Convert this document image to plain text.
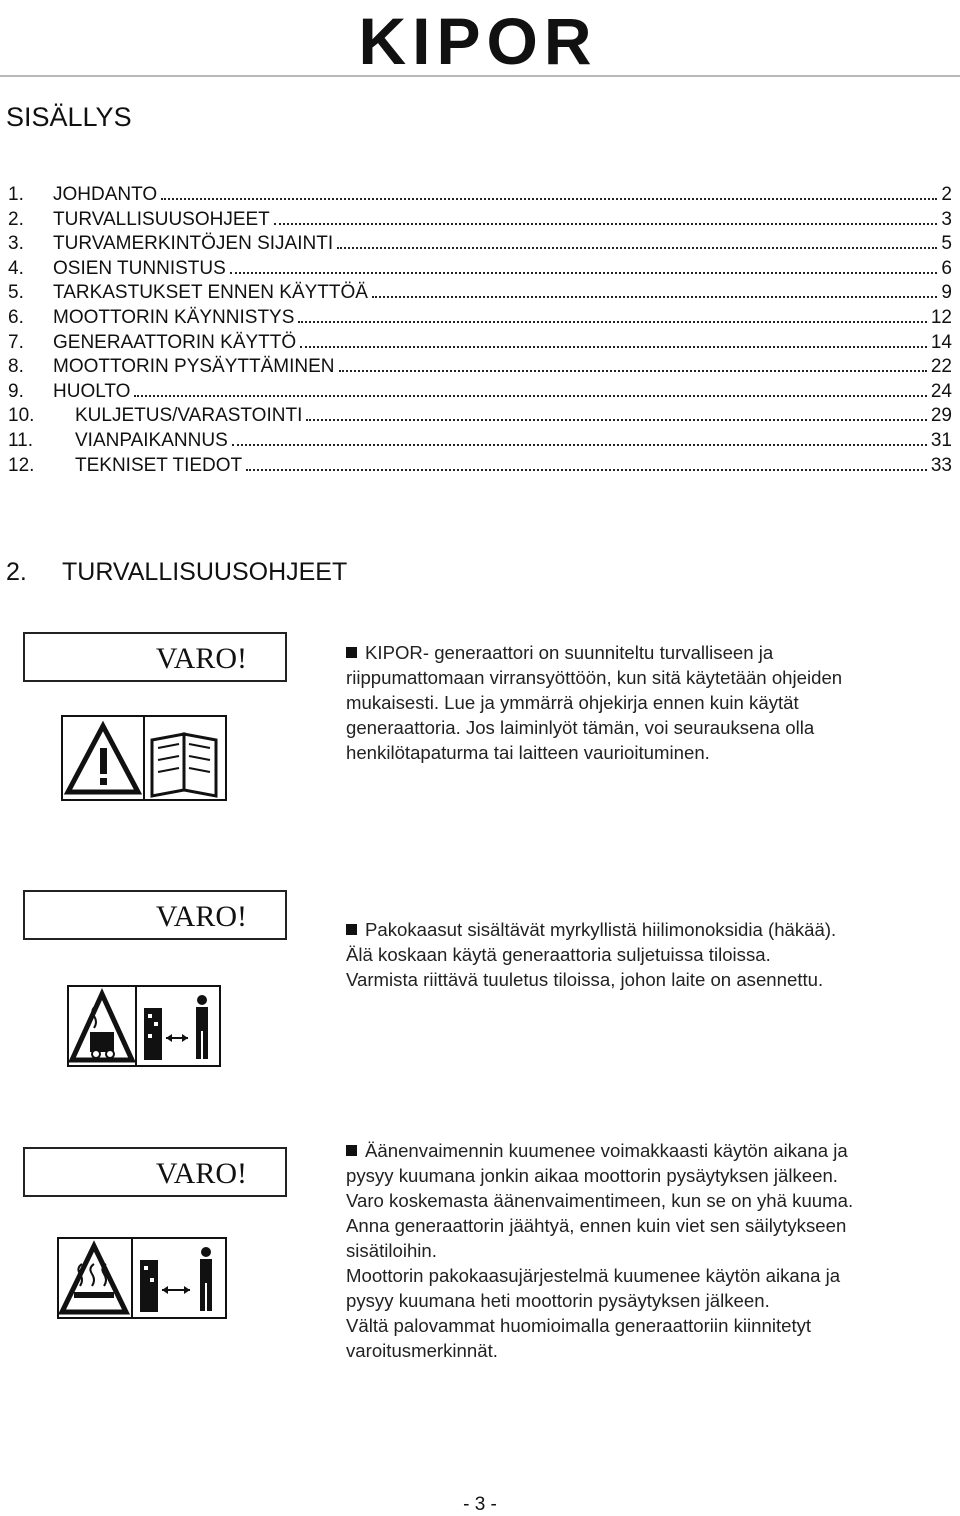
KIPOR
SISÄLLYS
1.	JOHDANTO	2
2.	TURVALLISUUSOHJEET	3
3.	TURVAMERKINTÖJEN SIJAINTI	5
4.	OSIEN TUNNISTUS	6
5.	TARKASTUKSET ENNEN KÄYTTÖÄ	9
6.	MOOTTORIN KÄYNNISTYS	12
7.	GENERAATTORIN KÄYTTÖ	14
8.	MOOTTORIN PYSÄYTTÄMINEN	22
9.	HUOLTO	24
10.	KULJETUS/VARASTOINTI	29
11.	VIANPAIKANNUS	31
12.	TEKNISET TIEDOT	33
2. TURVALLISUUSOHJEET
VARO!	KIPOR- generaattori on suunniteltu turvalliseen ja

riippumattomaan virransyöttöön, kun sitä käytetään ohjeiden

mukaisesti. Lue ja ymmärrä ohjekirja ennen kuin käytät

generaattoria. Jos laiminlyöt tämän, voi seurauksena olla

henkilötapaturma tai laitteen vaurioituminen.

VARO!	Pakokaasut sisältävät myrkyllistä hiilimonoksidia (häkää).

Älä koskaan käytä generaattoria suljetuissa tiloissa.

Varmista riittävä tuuletus tiloissa, johon laite on asennettu.

VARO!

Äänenvaimennin kuumenee voimakkaasti käytön aikana ja

pysyy kuumana jonkin aikaa moottorin pysäytyksen jälkeen.

Varo koskemasta äänenvaimentimeen, kun se on yhä kuuma.

Anna generaattorin jäähtyä, ennen kuin viet sen säilytykseen

sisätiloihin.

Moottorin pakokaasujärjestelmä kuumenee käytön aikana ja

pysyy kuumana heti moottorin pysäytyksen jälkeen.

Vältä palovammat huomioimalla generaattoriin kiinnitetyt

varoitusmerkinnät.

- 3 -
